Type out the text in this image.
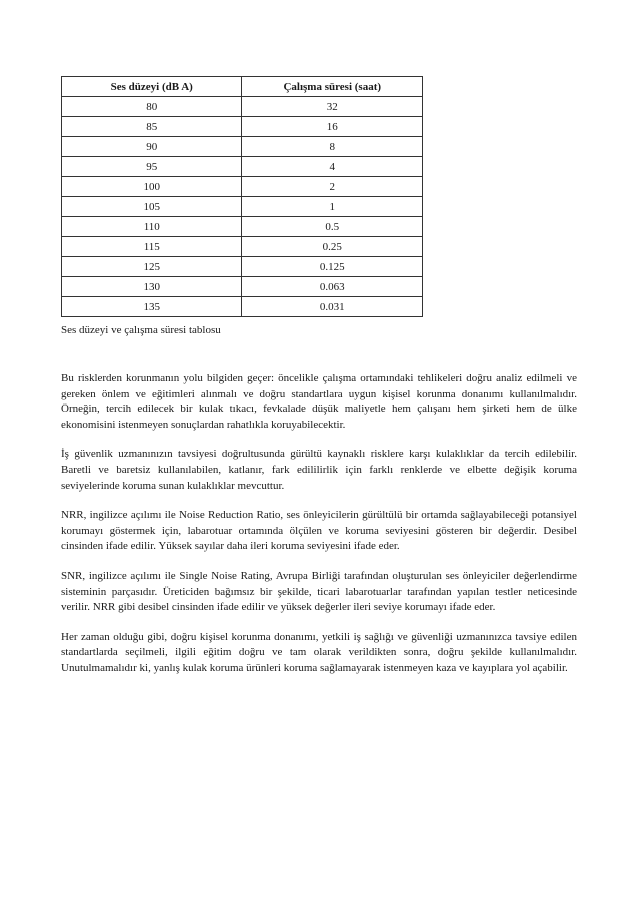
Ses düzeyi (dB A)	Çalışma süresi (saat)
80	32
85	16
90	8
95	4
100	2
105	1
110	0.5
115	0.25
125	0.125
130	0.063
135	0.031
Ses düzeyi ve çalışma süresi tablosu

Bu risklerden korunmanın yolu bilgiden geçer: öncelikle çalışma ortamındaki tehlikeleri doğru analiz edilmeli ve gereken önlem ve eğitimleri alınmalı ve doğru standartlara uygun kişisel korunma donanımı kullanılmalıdır. Örneğin, tercih edilecek bir kulak tıkacı, fevkalade düşük maliyetle hem çalışanı hem şirketi hem de ülke ekonomisini istenmeyen sonuçlardan rahatlıkla koruyabilecektir.

İş güvenlik uzmanınızın tavsiyesi doğrultusunda gürültü kaynaklı risklere karşı kulaklıklar da tercih edilebilir. Baretli ve baretsiz kullanılabilen, katlanır, fark edililirlik için farklı renklerde ve elbette değişik koruma seviyelerinde koruma sunan kulaklıklar mevcuttur.

NRR, ingilizce açılımı ile Noise Reduction Ratio, ses önleyicilerin gürültülü bir ortamda sağlayabileceği potansiyel korumayı göstermek için, labarotuar ortamında ölçülen ve koruma seviyesini gösteren bir değerdir. Desibel cinsinden ifade edilir. Yüksek sayılar daha ileri koruma seviyesini ifade eder.

SNR, ingilizce açılımı ile Single Noise Rating, Avrupa Birliği tarafından oluşturulan ses önleyiciler değerlendirme sisteminin parçasıdır. Üreticiden bağımsız bir şekilde, ticari labarotuarlar tarafından yapılan testler neticesinde verilir. NRR gibi desibel cinsinden ifade edilir ve yüksek değerler ileri seviye korumayı ifade eder.

Her zaman olduğu gibi, doğru kişisel korunma donanımı, yetkili iş sağlığı ve güvenliği uzmanınızca tavsiye edilen standartlarda seçilmeli, ilgili eğitim doğru ve tam olarak verildikten sonra, doğru şekilde kullanılmalıdır. Unutulmamalıdır ki, yanlış kulak koruma ürünleri koruma sağlamayarak istenmeyen kaza ve kayıplara yol açabilir.
